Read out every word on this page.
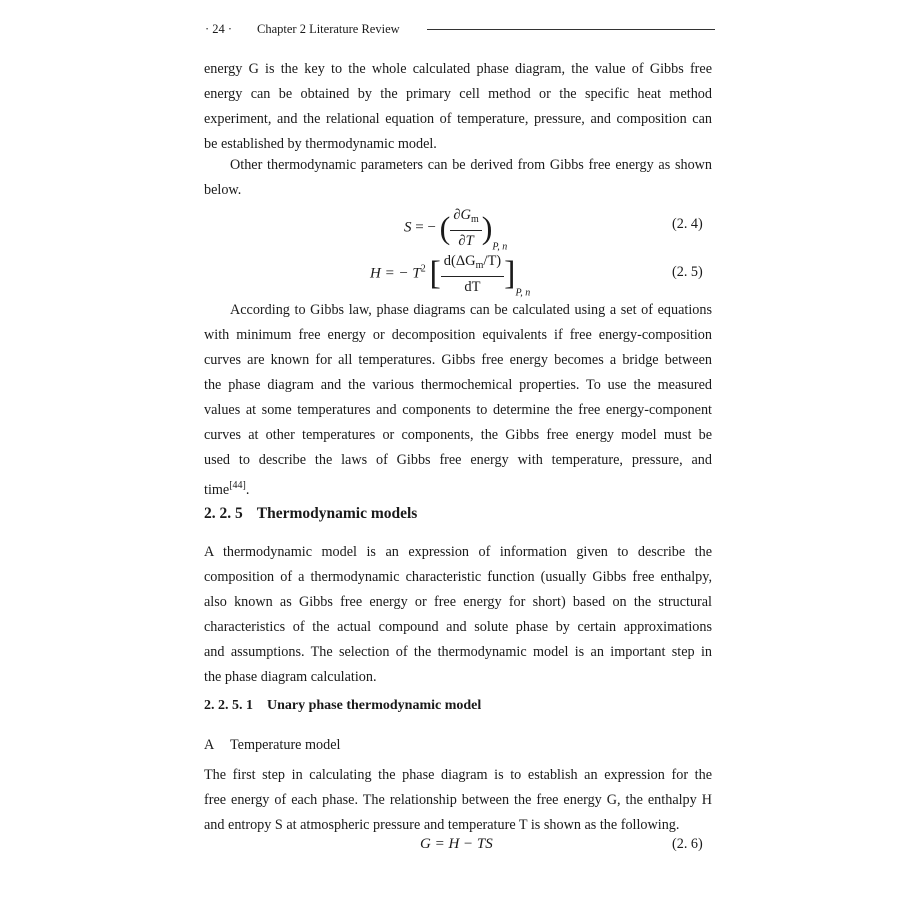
· 24 · Chapter 2 Literature Review
energy G is the key to the whole calculated phase diagram, the value of Gibbs free
energy can be obtained by the primary cell method or the specific heat method
experiment, and the relational equation of temperature, pressure, and composition can
be established by thermodynamic model.
Other thermodynamic parameters can be derived from Gibbs free energy as shown
below.
S = − ( $\frac{\partial G_m}{\partial T} )_{P, n}$
(2. 4)
H = − $T^2$ [ $\frac{d(\Delta G_m/T)}{dT} ]_{P, n}$
(2. 5)
According to Gibbs law, phase diagrams can be calculated using a set of equations
with minimum free energy or decomposition equivalents if free energy-composition
curves are known for all temperatures. Gibbs free energy becomes a bridge between
the phase diagram and the various thermochemical properties. To use the measured
values at some temperatures and components to determine the free energy-component
curves at other temperatures or components, the Gibbs free energy model must be
used to describe the laws of Gibbs free energy with temperature, pressure, and
time[44].
2. 2. 5 Thermodynamic models
A thermodynamic model is an expression of information given to describe the
composition of a thermodynamic characteristic function (usually Gibbs free enthalpy,
also known as Gibbs free energy or free energy for short) based on the structural
characteristics of the actual compound and solute phase by certain approximations
and assumptions. The selection of the thermodynamic model is an important step in
the phase diagram calculation.
2. 2. 5. 1 Unary phase thermodynamic model
A Temperature model
The first step in calculating the phase diagram is to establish an expression for the
free energy of each phase. The relationship between the free energy G, the enthalpy H
and entropy S at atmospheric pressure and temperature T is shown as the following.
G = H − TS	(2. 6)
